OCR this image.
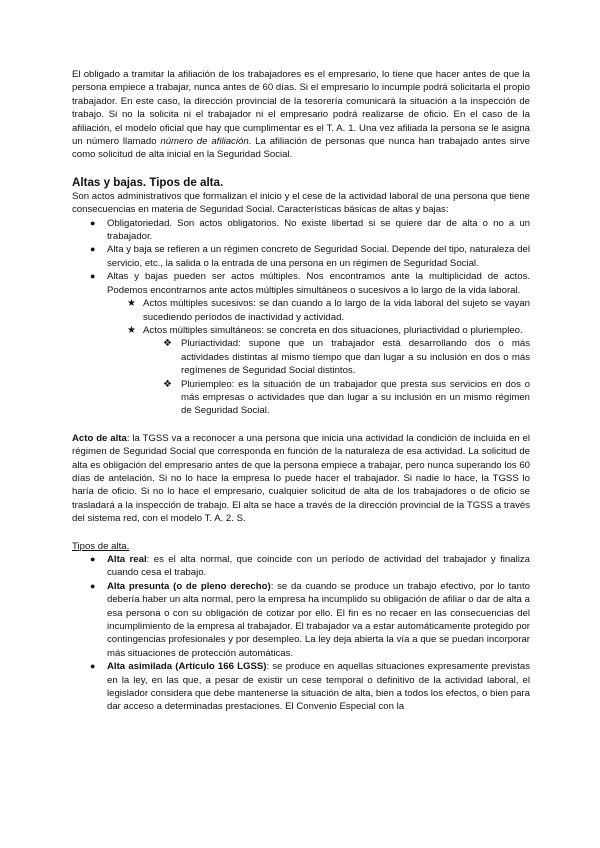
El obligado a tramitar la afiliación de los trabajadores es el empresario, lo tiene que hacer antes de que la persona empiece a trabajar, nunca antes de 60 días. Si el empresario lo incumple podrá solicitarla el propio trabajador. En este caso, la dirección provincial de la tesorería comunicará la situación a la inspección de trabajo. Si no la solicita ni el trabajador ni el empresario podrá realizarse de oficio. En el caso de la afiliación, el modelo oficial que hay que cumplimentar es el T. A. 1. Una vez afiliada la persona se le asigna un número llamado número de afiliación. La afiliación de personas que nunca han trabajado antes sirve como solicitud de alta inicial en la Seguridad Social.

Altas y bajas. Tipos de alta.

Son actos administrativos que formalizan el inicio y el cese de la actividad laboral de una persona que tiene consecuencias en materia de Seguridad Social. Características básicas de altas y bajas:

● Obligatoriedad. Son actos obligatorios. No existe libertad si se quiere dar de alta o no a un trabajador.
● Alta y baja se refieren a un régimen concreto de Seguridad Social. Depende del tipo, naturaleza del servicio, etc., la salida o la entrada de una persona en un régimen de Seguridad Social.
● Altas y bajas pueden ser actos múltiples. Nos encontramos ante la multiplicidad de actos. Podemos encontrarnos ante actos múltiples simultáneos o sucesivos a lo largo de la vida laboral.
★ Actos múltiples sucesivos: se dan cuando a lo largo de la vida laboral del sujeto se vayan sucediendo períodos de inactividad y actividad.
★ Actos múltiples simultáneos: se concreta en dos situaciones, pluriactividad o pluriempleo.
❖ Pluriactividad: supone que un trabajador está desarrollando dos o más actividades distintas al mismo tiempo que dan lugar a su inclusión en dos o más regímenes de Seguridad Social distintos.
❖ Pluriempleo: es la situación de un trabajador que presta sus servicios en dos o más empresas o actividades que dan lugar a su inclusión en un mismo régimen de Seguridad Social.

Acto de alta: la TGSS va a reconocer a una persona que inicia una actividad la condición de incluida en el régimen de Seguridad Social que corresponda en función de la naturaleza de esa actividad. La solicitud de alta es obligación del empresario antes de que la persona empiece a trabajar, pero nunca superando los 60 días de antelación. Si no lo hace la empresa lo puede hacer el trabajador. Si nadie lo hace, la TGSS lo haría de oficio. Si no lo hace el empresario, cualquier solicitud de alta de los trabajadores o de oficio se trasladará a la inspección de trabajo. El alta se hace a través de la dirección provincial de la TGSS a través del sistema red, con el modelo T. A. 2. S.

Tipos de alta.

● Alta real: es el alta normal, que coincide con un período de actividad del trabajador y finaliza cuando cesa el trabajo.
● Alta presunta (o de pleno derecho): se da cuando se produce un trabajo efectivo, por lo tanto debería haber un alta normal, pero la empresa ha incumplido su obligación de afiliar o dar de alta a esa persona o con su obligación de cotizar por ello. El fin es no recaer en las consecuencias del incumplimiento de la empresa al trabajador. El trabajador va a estar automáticamente protegido por contingencias profesionales y por desempleo. La ley deja abierta la vía a que se puedan incorporar más situaciones de protección automáticas.
● Alta asimilada (Artículo 166 LGSS): se produce en aquellas situaciones expresamente previstas en la ley, en las que, a pesar de existir un cese temporal o definitivo de la actividad laboral, el legislador considera que debe mantenerse la situación de alta, bien a todos los efectos, o bien para dar acceso a determinadas prestaciones. El Convenio Especial con la
